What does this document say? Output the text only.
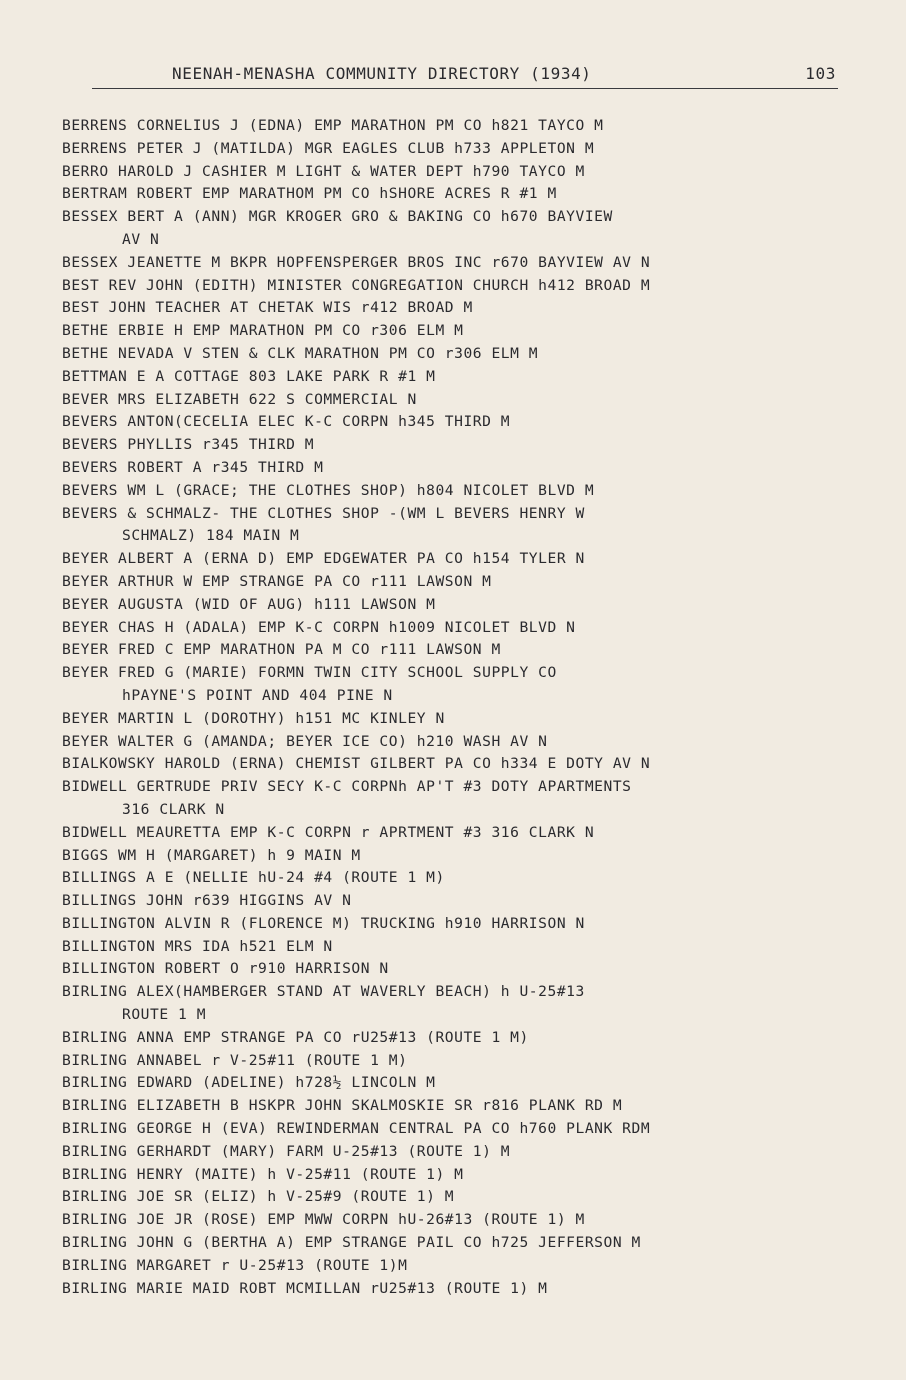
NEENAH-MENASHA COMMUNITY DIRECTORY (1934)	103
BERRENS CORNELIUS J (EDNA) EMP MARATHON PM CO h821 TAYCO M
BERRENS PETER J (MATILDA) MGR EAGLES CLUB h733 APPLETON M
BERRO HAROLD J CASHIER M LIGHT & WATER DEPT h790 TAYCO M
BERTRAM ROBERT EMP MARATHOM PM CO hSHORE ACRES R #1 M
BESSEX BERT A (ANN) MGR KROGER GRO & BAKING CO h670 BAYVIEW
AV N
BESSEX JEANETTE M BKPR HOPFENSPERGER BROS INC r670 BAYVIEW AV N
BEST REV JOHN (EDITH) MINISTER CONGREGATION CHURCH h412 BROAD M
BEST JOHN TEACHER AT CHETAK WIS r412 BROAD M
BETHE ERBIE H EMP MARATHON PM CO r306 ELM M
BETHE NEVADA V STEN & CLK MARATHON PM CO r306 ELM M
BETTMAN E A COTTAGE 803 LAKE PARK R #1 M
BEVER MRS ELIZABETH 622 S COMMERCIAL N
BEVERS ANTON(CECELIA ELEC K-C CORPN h345 THIRD M
BEVERS PHYLLIS r345 THIRD M
BEVERS ROBERT A r345 THIRD M
BEVERS WM L (GRACE; THE CLOTHES SHOP) h804 NICOLET BLVD M
BEVERS & SCHMALZ- THE CLOTHES SHOP -(WM L BEVERS HENRY W
SCHMALZ) 184 MAIN M
BEYER ALBERT A (ERNA D) EMP EDGEWATER PA CO h154 TYLER N
BEYER ARTHUR W EMP STRANGE PA CO r111 LAWSON M
BEYER AUGUSTA (WID OF AUG) h111 LAWSON M
BEYER CHAS H (ADALA) EMP K-C CORPN h1009 NICOLET BLVD N
BEYER FRED C EMP MARATHON PA M CO r111 LAWSON M
BEYER FRED G (MARIE) FORMN TWIN CITY SCHOOL SUPPLY CO
hPAYNE'S POINT AND 404 PINE N
BEYER MARTIN L (DOROTHY) h151 MC KINLEY N
BEYER WALTER G (AMANDA; BEYER ICE CO) h210 WASH AV N
BIALKOWSKY HAROLD (ERNA) CHEMIST GILBERT PA CO h334 E DOTY AV N
BIDWELL GERTRUDE PRIV SECY K-C CORPNh AP'T #3 DOTY APARTMENTS
316 CLARK N
BIDWELL MEAURETTA EMP K-C CORPN r APRTMENT #3 316 CLARK N
BIGGS WM H (MARGARET) h 9 MAIN M
BILLINGS A E (NELLIE hU-24 #4 (ROUTE 1 M)
BILLINGS JOHN r639 HIGGINS AV N
BILLINGTON ALVIN R (FLORENCE M) TRUCKING h910 HARRISON N
BILLINGTON MRS IDA h521 ELM N
BILLINGTON ROBERT O r910 HARRISON N
BIRLING ALEX(HAMBERGER STAND AT WAVERLY BEACH) h U-25#13
ROUTE 1 M
BIRLING ANNA EMP STRANGE PA CO rU25#13 (ROUTE 1 M)
BIRLING ANNABEL r V-25#11 (ROUTE 1 M)
BIRLING EDWARD (ADELINE) h728½ LINCOLN M
BIRLING ELIZABETH B HSKPR JOHN SKALMOSKIE SR r816 PLANK RD M
BIRLING GEORGE H (EVA) REWINDERMAN CENTRAL PA CO h760 PLANK RDM
BIRLING GERHARDT (MARY) FARM U-25#13 (ROUTE 1) M
BIRLING HENRY (MAITE) h V-25#11 (ROUTE 1) M
BIRLING JOE SR (ELIZ) h V-25#9 (ROUTE 1) M
BIRLING JOE JR (ROSE) EMP MWW CORPN hU-26#13 (ROUTE 1) M
BIRLING JOHN G (BERTHA A) EMP STRANGE PAIL CO h725 JEFFERSON M
BIRLING MARGARET r U-25#13 (ROUTE 1)M
BIRLING MARIE MAID ROBT MCMILLAN rU25#13 (ROUTE 1) M
